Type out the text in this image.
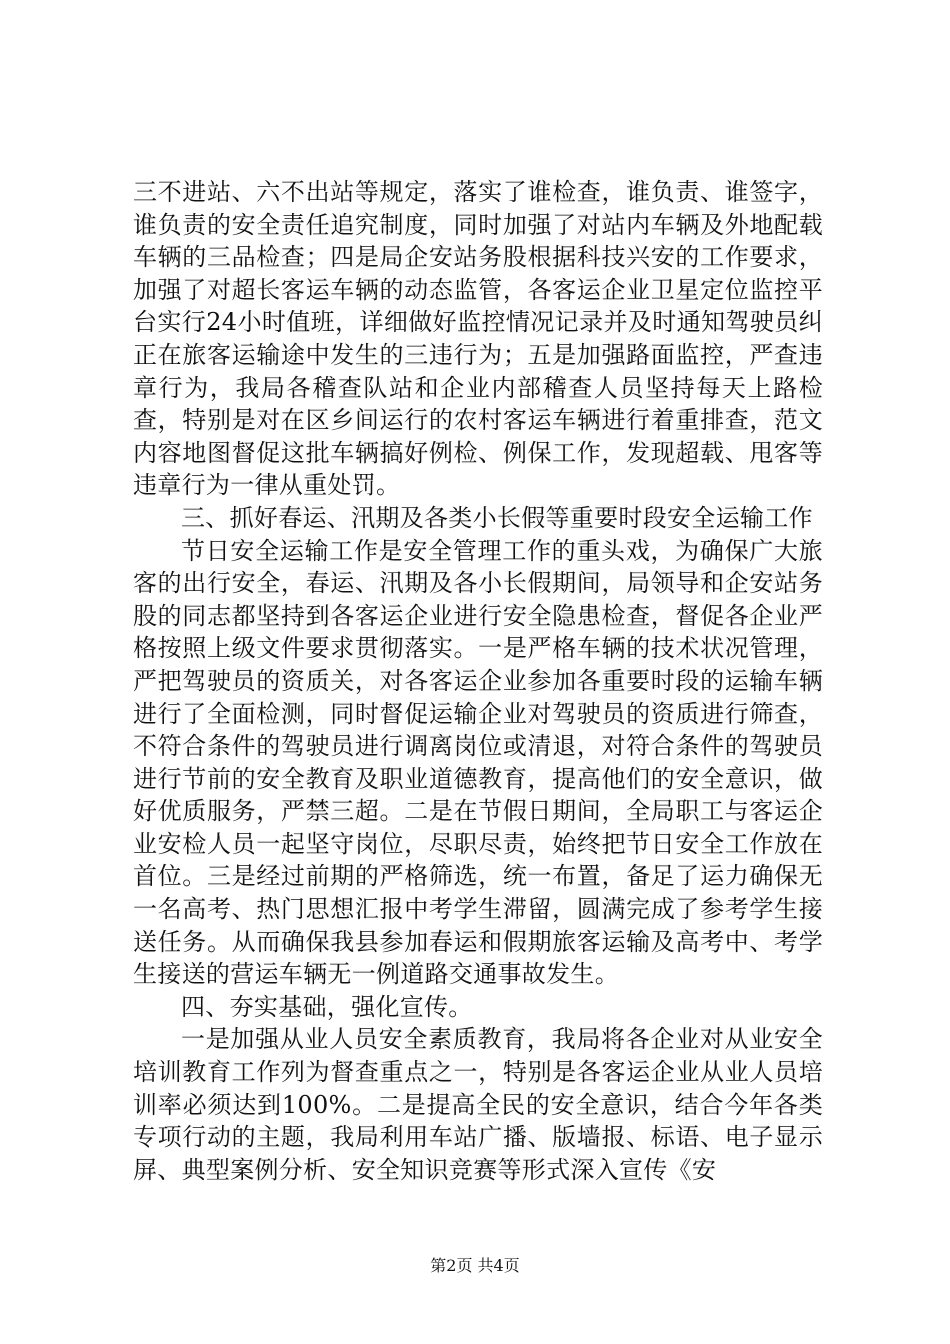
三不进站、六不出站等规定，落实了谁检查，谁负责、谁签字，谁负责的安全责任追究制度，同时加强了对站内车辆及外地配载车辆的三品检查；四是局企安站务股根据科技兴安的工作要求，加强了对超长客运车辆的动态监管，各客运企业卫星定位监控平台实行24小时值班，详细做好监控情况记录并及时通知驾驶员纠正在旅客运输途中发生的三违行为；五是加强路面监控，严查违章行为，我局各稽查队站和企业内部稽查人员坚持每天上路检查，特别是对在区乡间运行的农村客运车辆进行着重排查，范文内容地图督促这批车辆搞好例检、例保工作，发现超载、甩客等违章行为一律从重处罚。

三、抓好春运、汛期及各类小长假等重要时段安全运输工作

节日安全运输工作是安全管理工作的重头戏，为确保广大旅客的出行安全，春运、汛期及各小长假期间，局领导和企安站务股的同志都坚持到各客运企业进行安全隐患检查，督促各企业严格按照上级文件要求贯彻落实。一是严格车辆的技术状况管理，严把驾驶员的资质关，对各客运企业参加各重要时段的运输车辆进行了全面检测，同时督促运输企业对驾驶员的资质进行筛查，不符合条件的驾驶员进行调离岗位或清退，对符合条件的驾驶员进行节前的安全教育及职业道德教育，提高他们的安全意识，做好优质服务，严禁三超。二是在节假日期间，全局职工与客运企业安检人员一起坚守岗位，尽职尽责，始终把节日安全工作放在首位。三是经过前期的严格筛选，统一布置，备足了运力确保无一名高考、热门思想汇报中考学生滞留，圆满完成了参考学生接送任务。从而确保我县参加春运和假期旅客运输及高考中、考学生接送的营运车辆无一例道路交通事故发生。

四、夯实基础，强化宣传。

一是加强从业人员安全素质教育，我局将各企业对从业安全培训教育工作列为督查重点之一，特别是各客运企业从业人员培训率必须达到100%。二是提高全民的安全意识，结合今年各类专项行动的主题，我局利用车站广播、版墙报、标语、电子显示屏、典型案例分析、安全知识竞赛等形式深入宣传《安

第2页 共4页
